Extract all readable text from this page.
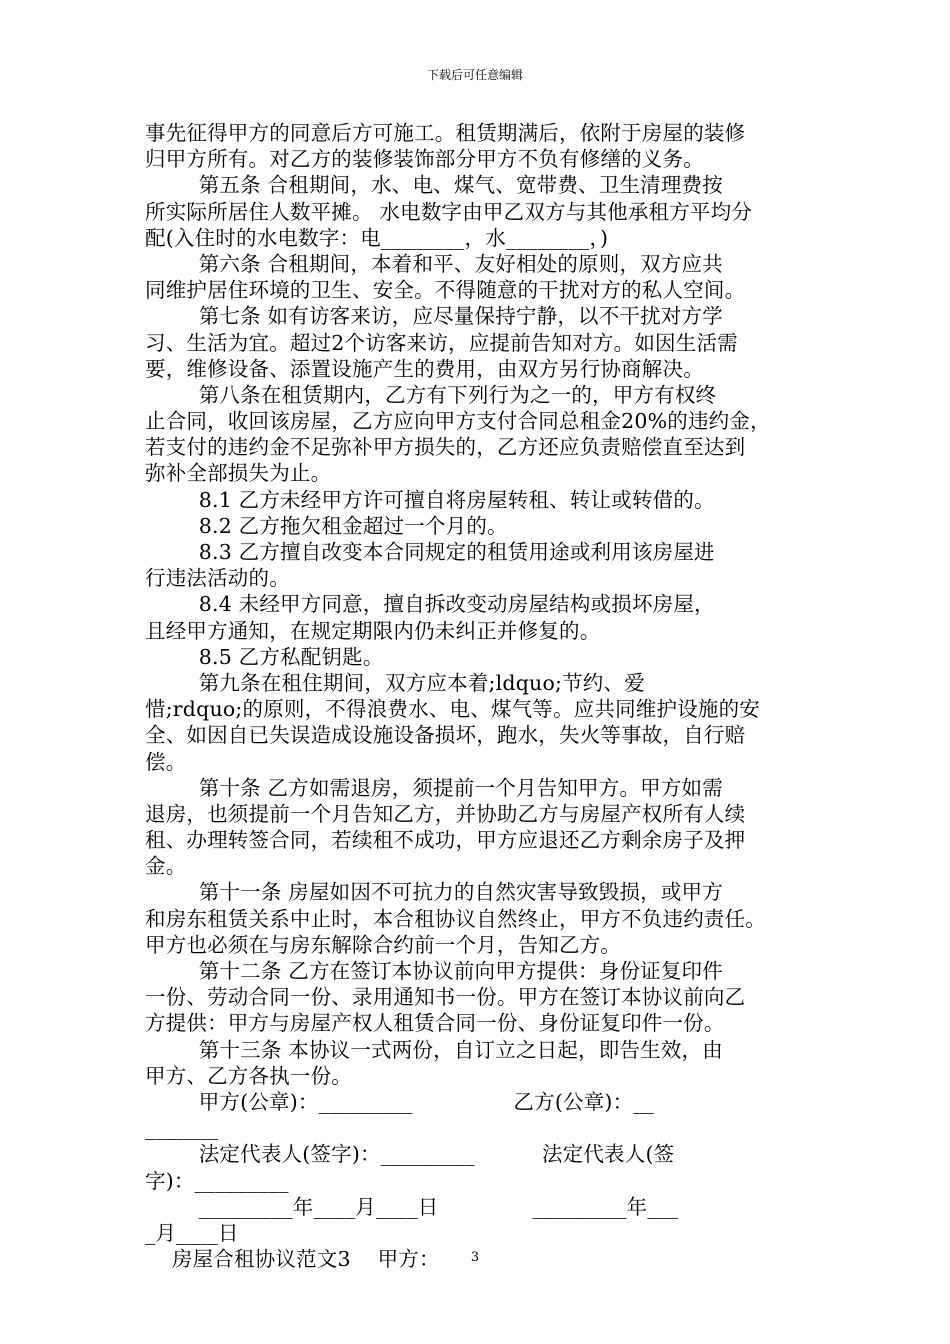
下载后可任意编辑
事先征得甲方的同意后方可施工。租赁期满后，依附于房屋的装修
归甲方所有。对乙方的装修装饰部分甲方不负有修缮的义务。
第五条 合租期间，水、电、煤气、宽带费、卫生清理费按
所实际所居住人数平摊。 水电数字由甲乙双方与其他承租方平均分
配(入住时的水电数字：电________，水________，)
第六条 合租期间，本着和平、友好相处的原则，双方应共
同维护居住环境的卫生、安全。不得随意的干扰对方的私人空间。
第七条 如有访客来访，应尽量保持宁静，以不干扰对方学
习、生活为宜。超过2个访客来访，应提前告知对方。如因生活需
要，维修设备、添置设施产生的费用，由双方另行协商解决。
第八条在租赁期内，乙方有下列行为之一的，甲方有权终
止合同，收回该房屋，乙方应向甲方支付合同总租金20%的违约金，
若支付的违约金不足弥补甲方损失的，乙方还应负责赔偿直至达到
弥补全部损失为止。
8.1 乙方未经甲方许可擅自将房屋转租、转让或转借的。
8.2 乙方拖欠租金超过一个月的。
8.3 乙方擅自改变本合同规定的租赁用途或利用该房屋进
行违法活动的。
8.4 未经甲方同意，擅自拆改变动房屋结构或损坏房屋，
且经甲方通知，在规定期限内仍未纠正并修复的。
8.5 乙方私配钥匙。
第九条在租住期间，双方应本着;ldquo;节约、爱
惜;rdquo;的原则，不得浪费水、电、煤气等。应共同维护设施的安
全、如因自已失误造成设施设备损坏，跑水，失火等事故，自行赔
偿。
第十条 乙方如需退房，须提前一个月告知甲方。甲方如需
退房，也须提前一个月告知乙方，并协助乙方与房屋产权所有人续
租、办理转签合同，若续租不成功，甲方应退还乙方剩余房子及押
金。
第十一条 房屋如因不可抗力的自然灾害导致毁损，或甲方
和房东租赁关系中止时，本合租协议自然终止，甲方不负违约责任。
甲方也必须在与房东解除合约前一个月，告知乙方。
第十二条 乙方在签订本协议前向甲方提供：身份证复印件
一份、劳动合同一份、录用通知书一份。甲方在签订本协议前向乙
方提供：甲方与房屋产权人租赁合同一份、身份证复印件一份。
第十三条 本协议一式两份，自订立之日起，即告生效，由
甲方、乙方各执一份。
甲方(公章)：_________               乙方(公章)：__
_______
法定代表人(签字)：_________          法定代表人(签
字)：_________
_________年____月____日              _________年___
_月____日
房屋合租协议范文3    甲方：	3
